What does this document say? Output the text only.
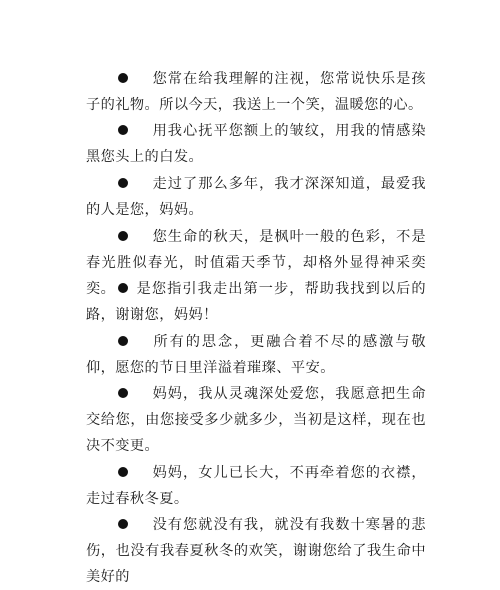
您常在给我理解的注视，您常说快乐是孩子的礼物。所以今天，我送上一个笑，温暖您的心。

用我心抚平您额上的皱纹，用我的情感染黑您头上的白发。

走过了那么多年，我才深深知道，最爱我的人是您，妈妈。

您生命的秋天，是枫叶一般的色彩，不是春光胜似春光，时值霜天季节，却格外显得神采奕奕。	是您指引我走出第一步，帮助我找到以后的路，谢谢您，妈妈！

所有的思念，更融合着不尽的感激与敬仰，愿您的节日里洋溢着璀璨、平安。

妈妈，我从灵魂深处爱您，我愿意把生命交给您，由您接受多少就多少，当初是这样，现在也决不变更。

妈妈，女儿已长大，不再牵着您的衣襟，走过春秋冬夏。

没有您就没有我，就没有我数十寒暑的悲伤，也没有我春夏秋冬的欢笑，谢谢您给了我生命中美好的
